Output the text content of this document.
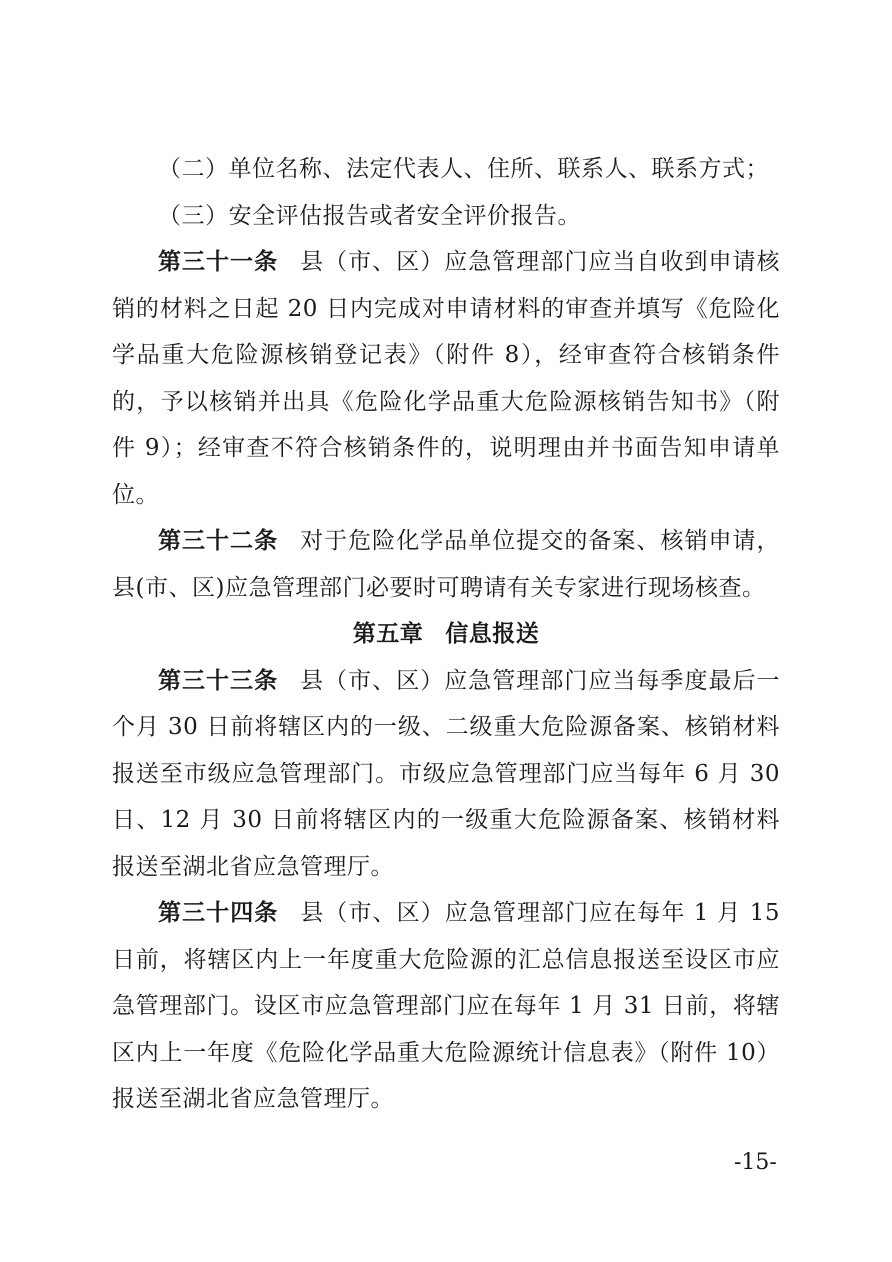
（二）单位名称、法定代表人、住所、联系人、联系方式；

（三）安全评估报告或者安全评价报告。

第三十一条 县（市、区）应急管理部门应当自收到申请核销的材料之日起 20 日内完成对申请材料的审查并填写《危险化学品重大危险源核销登记表》（附件 8），经审查符合核销条件的，予以核销并出具《危险化学品重大危险源核销告知书》（附件 9）；经审查不符合核销条件的，说明理由并书面告知申请单位。

第三十二条 对于危险化学品单位提交的备案、核销申请，县(市、区)应急管理部门必要时可聘请有关专家进行现场核查。

第五章 信息报送

第三十三条 县（市、区）应急管理部门应当每季度最后一个月 30 日前将辖区内的一级、二级重大危险源备案、核销材料报送至市级应急管理部门。市级应急管理部门应当每年 6 月 30 日、12 月 30 日前将辖区内的一级重大危险源备案、核销材料报送至湖北省应急管理厅。

第三十四条 县（市、区）应急管理部门应在每年 1 月 15 日前，将辖区内上一年度重大危险源的汇总信息报送至设区市应急管理部门。设区市应急管理部门应在每年 1 月 31 日前，将辖区内上一年度《危险化学品重大危险源统计信息表》（附件 10）报送至湖北省应急管理厅。

-15-
